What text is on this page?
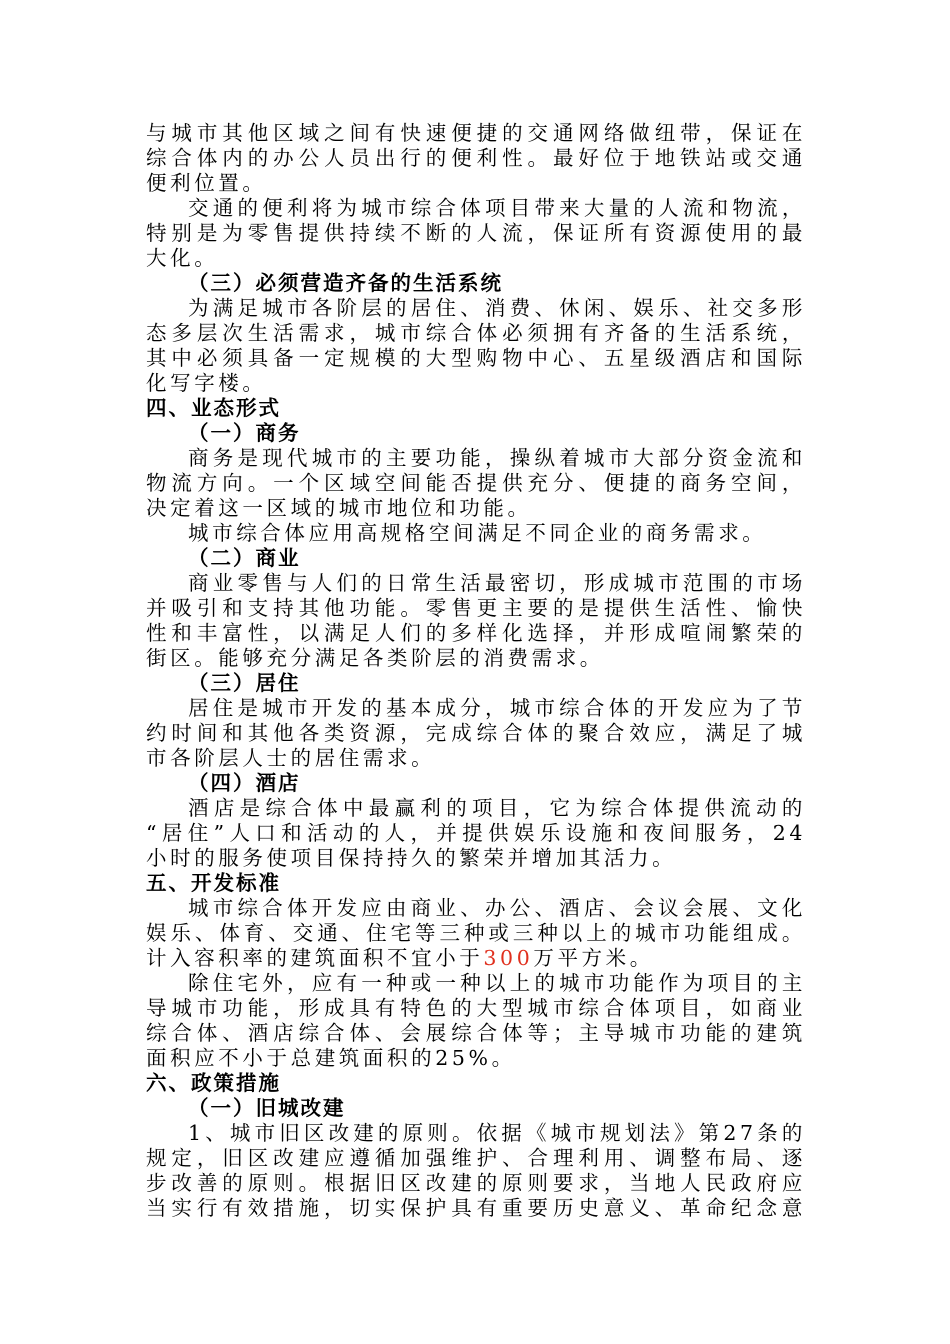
与城市其他区域之间有快速便捷的交通网络做纽带，保证在
综合体内的办公人员出行的便利性。最好位于地铁站或交通
便利位置。
交通的便利将为城市综合体项目带来大量的人流和物流，
特别是为零售提供持续不断的人流，保证所有资源使用的最
大化。
（三）必须营造齐备的生活系统
为满足城市各阶层的居住、消费、休闲、娱乐、社交多形
态多层次生活需求，城市综合体必须拥有齐备的生活系统，
其中必须具备一定规模的大型购物中心、五星级酒店和国际
化写字楼。
四、业态形式
（一）商务
商务是现代城市的主要功能，操纵着城市大部分资金流和
物流方向。一个区域空间能否提供充分、便捷的商务空间，
决定着这一区域的城市地位和功能。
城市综合体应用高规格空间满足不同企业的商务需求。
（二）商业
商业零售与人们的日常生活最密切，形成城市范围的市场
并吸引和支持其他功能。零售更主要的是提供生活性、愉快
性和丰富性，以满足人们的多样化选择，并形成喧闹繁荣的
街区。能够充分满足各类阶层的消费需求。
（三）居住
居住是城市开发的基本成分，城市综合体的开发应为了节
约时间和其他各类资源，完成综合体的聚合效应，满足了城
市各阶层人士的居住需求。
（四）酒店
酒店是综合体中最赢利的项目，它为综合体提供流动的
“居住”人口和活动的人，并提供娱乐设施和夜间服务，24
小时的服务使项目保持持久的繁荣并增加其活力。
五、开发标准
城市综合体开发应由商业、办公、酒店、会议会展、文化
娱乐、体育、交通、住宅等三种或三种以上的城市功能组成。
计入容积率的建筑面积不宜小于300万平方米。
除住宅外，应有一种或一种以上的城市功能作为项目的主
导城市功能，形成具有特色的大型城市综合体项目，如商业
综合体、酒店综合体、会展综合体等；主导城市功能的建筑
面积应不小于总建筑面积的25%。
六、政策措施
（一）旧城改建
1、城市旧区改建的原则。依据《城市规划法》第27条的
规定，旧区改建应遵循加强维护、合理利用、调整布局、逐
步改善的原则。根据旧区改建的原则要求，当地人民政府应
当实行有效措施，切实保护具有重要历史意义、革命纪念意
